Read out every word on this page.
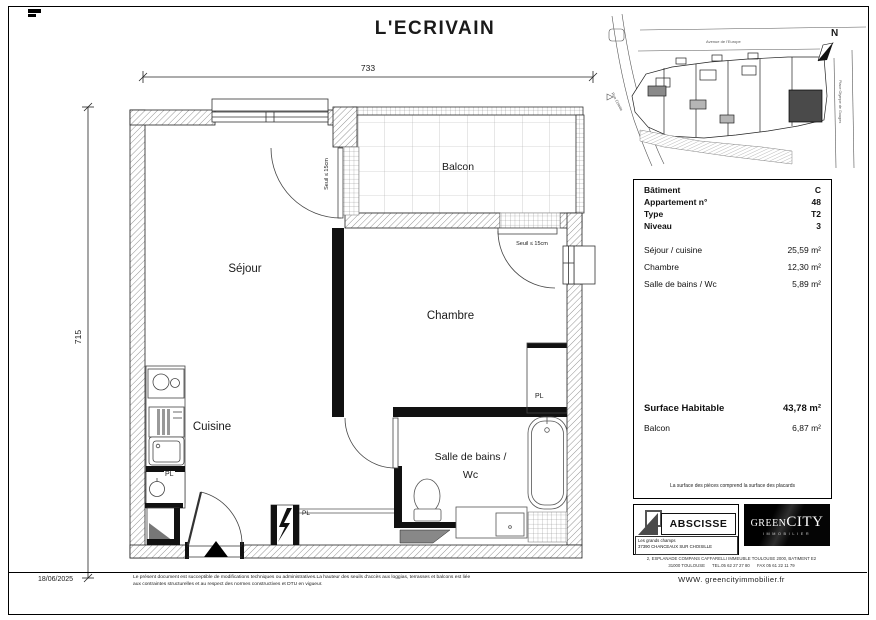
L'ECRIVAIN
733
715
Balcon
Séjour
Chambre
Cuisine
Salle de bains /
Wc
Seuil ≤ 15cm
Seuil ≤ 15cm
PL
PL
PL
Avenue de l'Europe
Rue Colette	Place Olympe de Gouges
N
Bâtiment	C
Appartement n°	48
Type	T2
Niveau	3
Séjour / cuisine	25,59 m²
Chambre	12,30 m²
Salle de bains / Wc	5,89 m²
Surface Habitable	43,78 m²
Balcon	6,87 m²
La surface des pièces comprend la surface des placards
ABSCISSE
Les grands champs
37390 CHANCEAUX SUR CHOISILLE
GREENCITY
IMMOBILIER
2, ESPLANADE COMPANS CAFFARELLI IMMEUBLE TOULOUSE 2000, BATIMENT E2
31000 TOULOUSE      TEL.05 62 27 27 80      FAX 05 61 22 11 79
WWW. greencityimmobilier.fr
18/06/2025	Le présent document est succeptible de modifications techniques ou administratives.La hauteur des seuils d'accès aux loggias, terrasses et balcons est liée
aux contraintes structurelles et au respect des normes constructives et DTU en vigueur.
